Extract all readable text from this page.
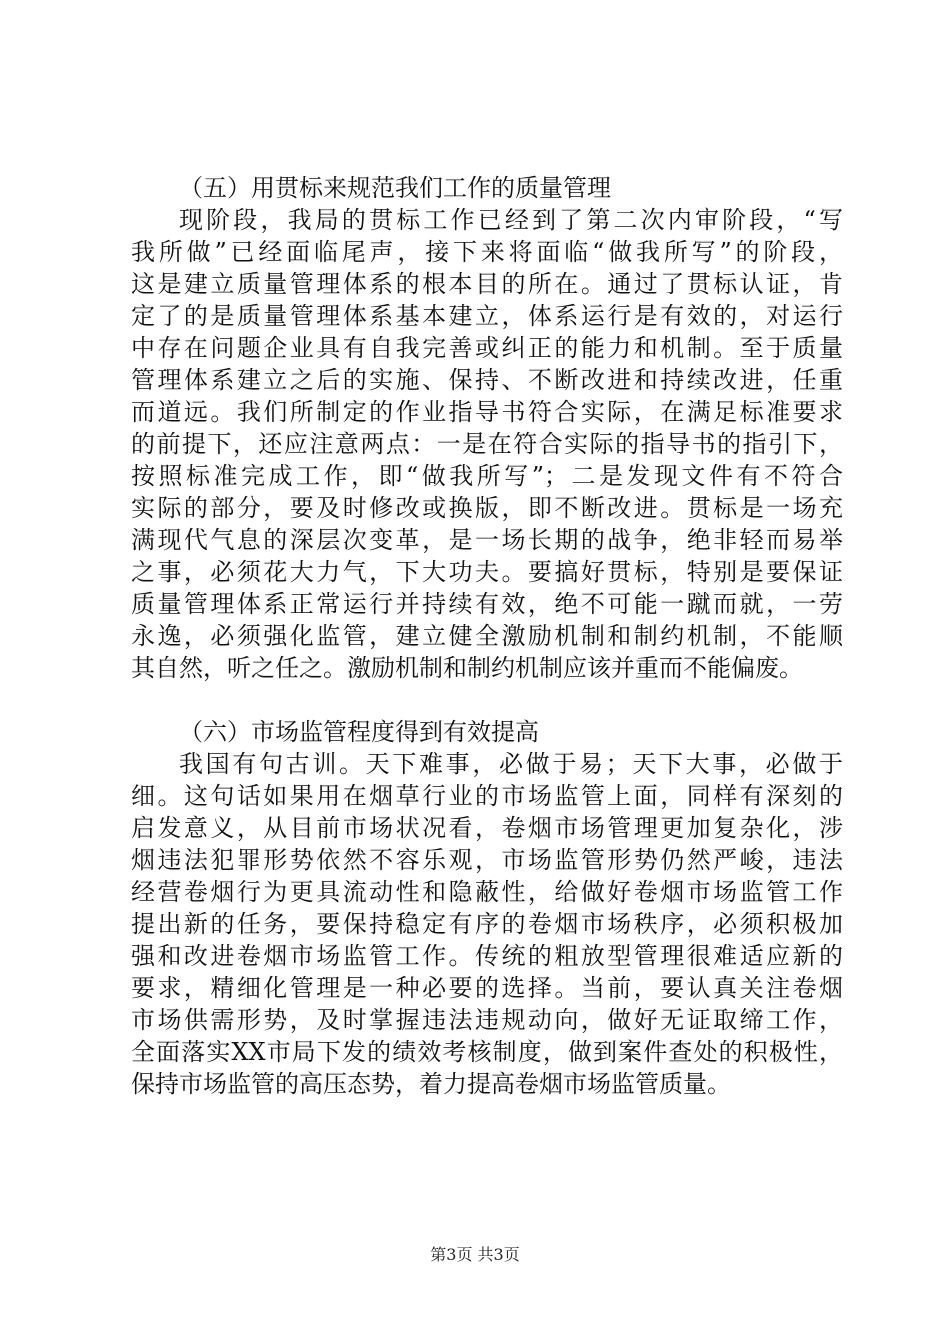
（五）用贯标来规范我们工作的质量管理
现阶段，我局的贯标工作已经到了第二次内审阶段，“写
我所做”已经面临尾声，接下来将面临“做我所写”的阶段，
这是建立质量管理体系的根本目的所在。通过了贯标认证，肯
定了的是质量管理体系基本建立，体系运行是有效的，对运行
中存在问题企业具有自我完善或纠正的能力和机制。至于质量
管理体系建立之后的实施、保持、不断改进和持续改进，任重
而道远。我们所制定的作业指导书符合实际，在满足标准要求
的前提下，还应注意两点：一是在符合实际的指导书的指引下，
按照标准完成工作，即“做我所写”；二是发现文件有不符合
实际的部分，要及时修改或换版，即不断改进。贯标是一场充
满现代气息的深层次变革，是一场长期的战争，绝非轻而易举
之事，必须花大力气，下大功夫。要搞好贯标，特别是要保证
质量管理体系正常运行并持续有效，绝不可能一蹴而就，一劳
永逸，必须强化监管，建立健全激励机制和制约机制，不能顺
其自然，听之任之。激励机制和制约机制应该并重而不能偏废。
（六）市场监管程度得到有效提高
我国有句古训。天下难事，必做于易；天下大事，必做于
细。这句话如果用在烟草行业的市场监管上面，同样有深刻的
启发意义，从目前市场状况看，卷烟市场管理更加复杂化，涉
烟违法犯罪形势依然不容乐观，市场监管形势仍然严峻，违法
经营卷烟行为更具流动性和隐蔽性，给做好卷烟市场监管工作
提出新的任务，要保持稳定有序的卷烟市场秩序，必须积极加
强和改进卷烟市场监管工作。传统的粗放型管理很难适应新的
要求，精细化管理是一种必要的选择。当前，要认真关注卷烟
市场供需形势，及时掌握违法违规动向，做好无证取缔工作，
全面落实XX市局下发的绩效考核制度，做到案件查处的积极性，
保持市场监管的高压态势，着力提高卷烟市场监管质量。
第3页 共3页
